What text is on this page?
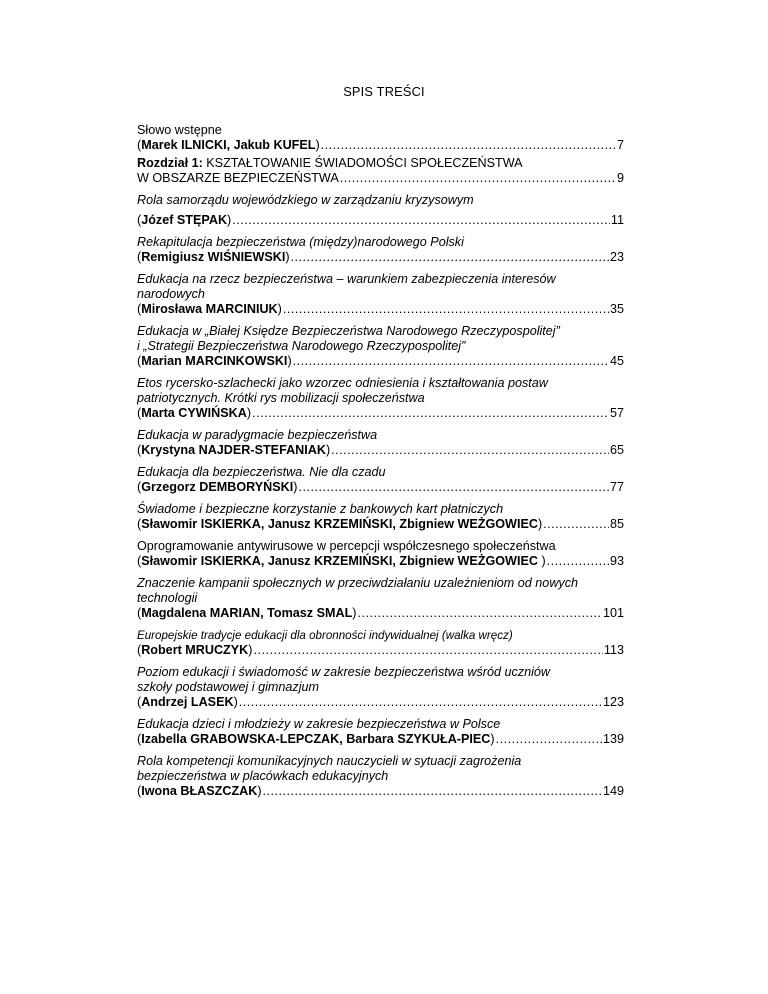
SPIS TREŚCI
Słowo wstępne
(Marek ILNICKI, Jakub KUFEL) .....	7
Rozdział 1: KSZTAŁTOWANIE ŚWIADOMOŚCI SPOŁECZEŃSTWA
W OBSZARZE BEZPIECZEŃSTWA .....	9
Rola samorządu wojewódzkiego w zarządzaniu kryzysowym
(Józef STĘPAK) .....	11
Rekapitulacja bezpieczeństwa (między)narodowego Polski
(Remigiusz WIŚNIEWSKI) .....	23
Edukacja na rzecz bezpieczeństwa – warunkiem zabezpieczenia interesów
narodowych
(Mirosława MARCINIUK) .....	35
Edukacja w „Białej Księdze Bezpieczeństwa Narodowego Rzeczypospolitej”
i „Strategii Bezpieczeństwa Narodowego Rzeczypospolitej”
(Marian MARCINKOWSKI) .....	45
Etos rycersko-szlachecki jako wzorzec odniesienia i kształtowania postaw
patriotycznych. Krótki rys mobilizacji społeczeństwa
(Marta CYWIŃSKA) .....	57
Edukacja w paradygmacie bezpieczeństwa
(Krystyna NAJDER-STEFANIAK) .....	65
Edukacja dla bezpieczeństwa. Nie dla czadu
(Grzegorz DEMBORYŃSKI) .....	77
Świadome i bezpieczne korzystanie z bankowych kart płatniczych
(Sławomir ISKIERKA, Janusz KRZEMIŃSKI, Zbigniew WEŻGOWIEC) .....	85
Oprogramowanie antywirusowe w percepcji współczesnego społeczeństwa
(Sławomir ISKIERKA, Janusz KRZEMIŃSKI, Zbigniew WEŻGOWIEC ) .....	93
Znaczenie kampanii społecznych w przeciwdziałaniu uzależnieniom od nowych
technologii
(Magdalena MARIAN, Tomasz SMAL) .....	101
Europejskie tradycje edukacji dla obronności indywidualnej (walka wręcz)
(Robert MRUCZYK) .....	113
Poziom edukacji i świadomość w zakresie bezpieczeństwa wśród uczniów
szkoły podstawowej i gimnazjum
(Andrzej LASEK) .....	123
Edukacja dzieci i młodzieży w zakresie bezpieczeństwa w Polsce
(Izabella GRABOWSKA-LEPCZAK, Barbara SZYKUŁA-PIEC) .....	139
Rola kompetencji komunikacyjnych nauczycieli w sytuacji zagrożenia
bezpieczeństwa w placówkach edukacyjnych
(Iwona BŁASZCZAK) .....	149
